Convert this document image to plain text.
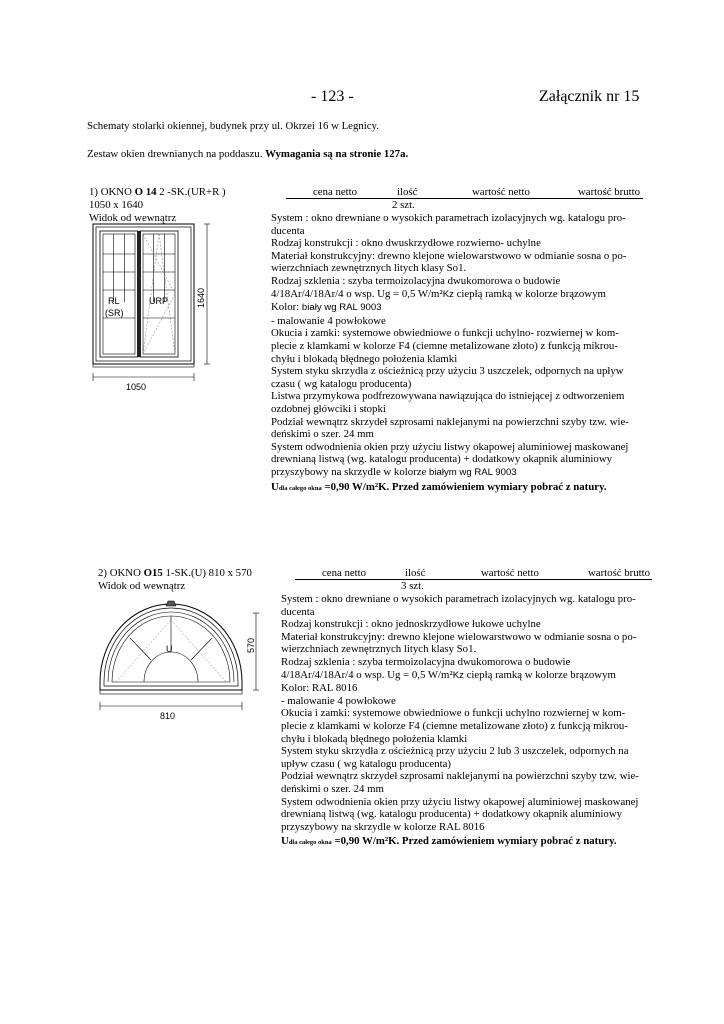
- 123 -	Załącznik nr 15
Schematy stolarki okiennej, budynek przy ul. Okrzei 16 w Legnicy.
Zestaw okien drewnianych na poddaszu. Wymagania są na stronie 127a.
1) OKNO O 14 2 -SK.(UR+R )
1050 x 1640
Widok od wewnątrz
cena netto	ilość	wartość netto	wartość brutto
2 szt.
RL
(SR)
URP	1640
1050
System : okno drewniane o wysokich parametrach izolacyjnych wg. katalogu pro-
ducenta
Rodzaj konstrukcji : okno dwuskrzydłowe rozwierno- uchylne
Materiał konstrukcyjny: drewno klejone wielowarstwowo w odmianie sosna o po-
wierzchniach zewnętrznych litych klasy So1.
Rodzaj szklenia : szyba termoizolacyjna dwukomorowa o budowie
4/18Ar/4/18Ar/4 o wsp. Ug = 0,5 W/m²Kz ciepłą ramką w kolorze brązowym
Kolor: biały wg RAL 9003
- malowanie 4 powłokowe
Okucia i zamki: systemowe obwiedniowe o funkcji uchylno- rozwiernej w kom-
plecie z klamkami w kolorze F4 (ciemne metalizowane złoto) z funkcją mikrou-
chyłu i blokadą błędnego położenia klamki
System styku skrzydła z ościeżnicą przy użyciu 3 uszczelek, odpornych na upływ
czasu ( wg katalogu producenta)
Listwa przymykowa podfrezowywana nawiązująca do istniejącej z odtworzeniem
ozdobnej główciki i stopki
Podział wewnątrz skrzydeł szprosami naklejanymi na powierzchni szyby tzw. wie-
deńskimi o szer. 24 mm
System odwodnienia okien przy użyciu listwy okapowej aluminiowej maskowanej
drewnianą listwą (wg. katalogu producenta) + dodatkowy okapnik aluminiowy
przyszybowy na skrzydle w kolorze białym wg RAL 9003
Udla całego okna =0,90 W/m²K. Przed zamówieniem wymiary pobrać z natury.
2) OKNO O15 1-SK.(U) 810 x 570
Widok od wewnątrz
cena netto	ilość	wartość netto	wartość brutto
3 szt.
U	570
810
System : okno drewniane o wysokich parametrach izolacyjnych wg. katalogu pro-
ducenta
Rodzaj konstrukcji : okno jednoskrzydłowe łukowe uchylne
Materiał konstrukcyjny: drewno klejone wielowarstwowo w odmianie sosna o po-
wierzchniach zewnętrznych litych klasy So1.
Rodzaj szklenia : szyba termoizolacyjna dwukomorowa o budowie
4/18Ar/4/18Ar/4 o wsp. Ug = 0,5 W/m²Kz ciepłą ramką w kolorze brązowym
Kolor: RAL 8016
- malowanie 4 powłokowe
Okucia i zamki: systemowe obwiedniowe o funkcji uchylno rozwiernej w kom-
plecie z klamkami w kolorze F4 (ciemne metalizowane złoto) z funkcją mikrou-
chyłu i blokadą błędnego położenia klamki
System styku skrzydła z ościeżnicą przy użyciu 2 lub 3 uszczelek, odpornych na
upływ czasu ( wg katalogu producenta)
Podział wewnątrz skrzydeł szprosami naklejanymi na powierzchni szyby tzw. wie-
deńskimi o szer. 24 mm
System odwodnienia okien przy użyciu listwy okapowej aluminiowej maskowanej
drewnianą listwą (wg. katalogu producenta) + dodatkowy okapnik aluminiowy
przyszybowy na skrzydle w kolorze RAL 8016
Udla całego okna =0,90 W/m²K. Przed zamówieniem wymiary pobrać z natury.
